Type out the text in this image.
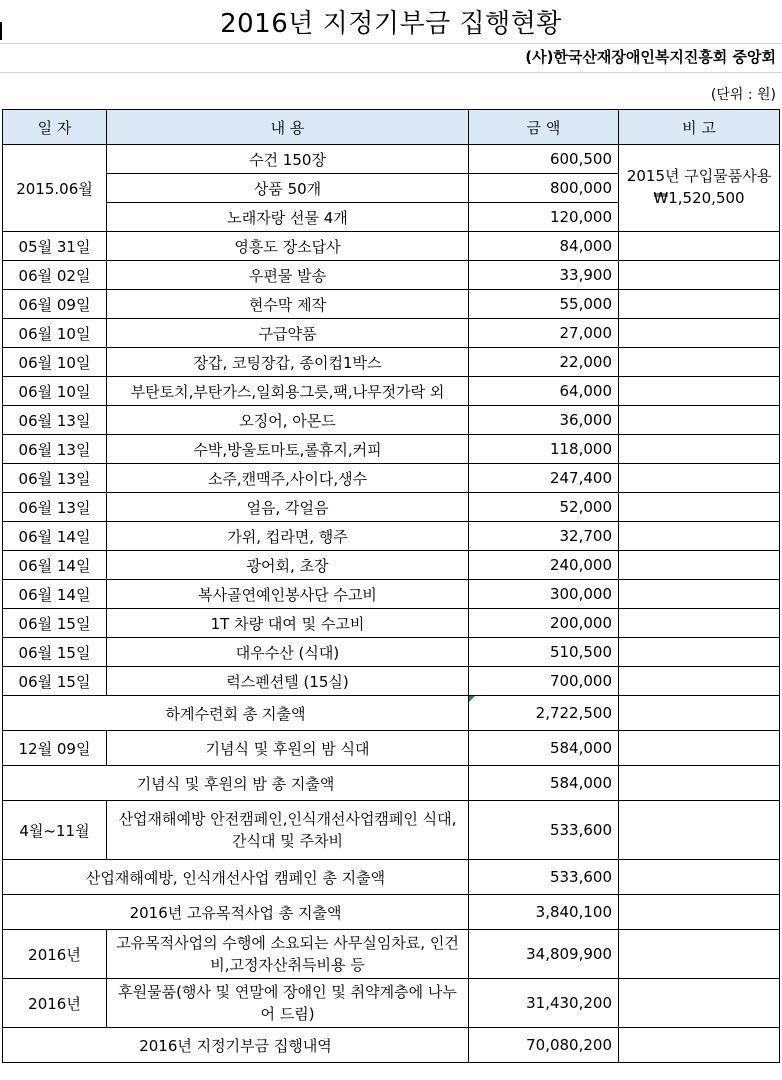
2016년 지정기부금 집행현황
(사)한국산재장애인복지진흥회 중앙회
(단위 : 원)
일 자	내 용	금 액	비 고
2015.06월	수건 150장	600,500	2015년 구입물품사용
₩1,520,500

	상품 50개	800,000	
	노래자랑 선물 4개	120,000	
05월 31일	영흥도 장소답사	84,000	
06월 02일	우편물 발송	33,900	
06월 09일	현수막 제작	55,000	
06월 10일	구급약품	27,000	
06월 10일	장갑, 코팅장갑, 종이컵1박스	22,000	
06월 10일	부탄토치,부탄가스,일회용그릇,팩,나무젓가락 외	64,000	
06월 13일	오징어, 아몬드	36,000	
06월 13일	수박,방울토마토,롤휴지,커피	118,000	
06월 13일	소주,캔맥주,사이다,생수	247,400	
06월 13일	얼음, 각얼음	52,000	
06월 14일	가위, 컵라면, 행주	32,700	
06월 14일	광어회, 초장	240,000	
06월 14일	복사골연예인봉사단 수고비	300,000	
06월 15일	1T 차량 대여 및 수고비	200,000	
06월 15일	대우수산 (식대)	510,500	
06월 15일	럭스펜션텔 (15실)	700,000	
하계수련회 총 지출액		2,722,500	
12월 09일	기념식 및 후원의 밤 식대	584,000	
기념식 및 후원의 밤 총 지출액		584,000	
4월~11월	산업재해예방 안전캠페인,인식개선사업캠페인 식대,간식대 및 주차비	533,600	
산업재해예방, 인식개선사업 캠페인 총 지출액		533,600	
2016년 고유목적사업 총 지출액		3,840,100	
2016년	고유목적사업의 수행에 소요되는 사무실임차료, 인건비,고정자산취득비용 등	34,809,900	
2016년	후원물품(행사 및 연말에 장애인 및 취약계층에 나누어 드림)	31,430,200	
2016년 지정기부금 집행내역		70,080,200	
